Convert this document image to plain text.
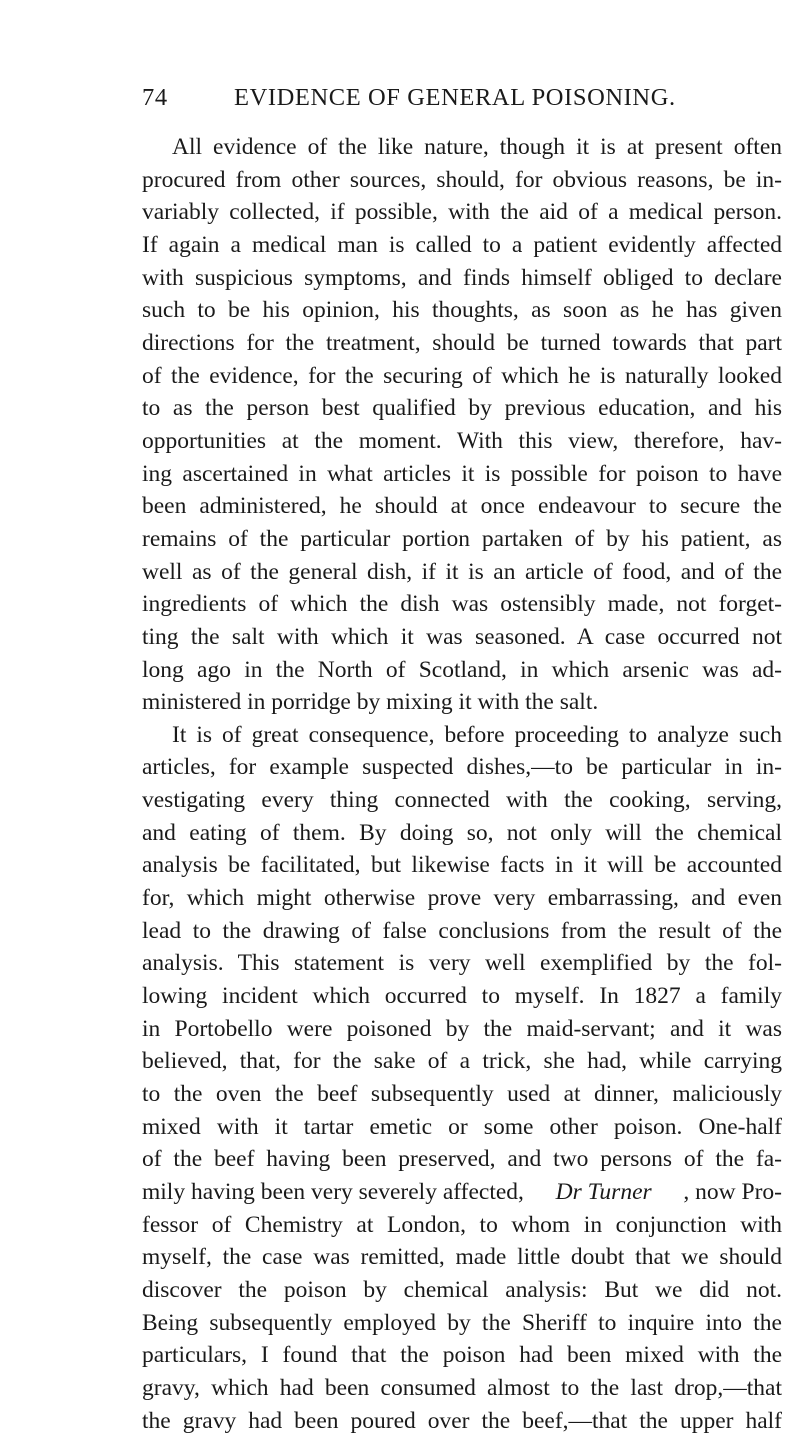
74	EVIDENCE OF GENERAL POISONING.
All evidence of the like nature, though it is at present often
procured from other sources, should, for obvious reasons, be in-
variably collected, if possible, with the aid of a medical person.
If again a medical man is called to a patient evidently affected
with suspicious symptoms, and finds himself obliged to declare
such to be his opinion, his thoughts, as soon as he has given
directions for the treatment, should be turned towards that part
of the evidence, for the securing of which he is naturally looked
to as the person best qualified by previous education, and his
opportunities at the moment. With this view, therefore, hav-
ing ascertained in what articles it is possible for poison to have
been administered, he should at once endeavour to secure the
remains of the particular portion partaken of by his patient, as
well as of the general dish, if it is an article of food, and of the
ingredients of which the dish was ostensibly made, not forget-
ting the salt with which it was seasoned. A case occurred not
long ago in the North of Scotland, in which arsenic was ad-
ministered in porridge by mixing it with the salt.
It is of great consequence, before proceeding to analyze such
articles, for example suspected dishes,—to be particular in in-
vestigating every thing connected with the cooking, serving,
and eating of them. By doing so, not only will the chemical
analysis be facilitated, but likewise facts in it will be accounted
for, which might otherwise prove very embarrassing, and even
lead to the drawing of false conclusions from the result of the
analysis. This statement is very well exemplified by the fol-
lowing incident which occurred to myself. In 1827 a family
in Portobello were poisoned by the maid-servant; and it was
believed, that, for the sake of a trick, she had, while carrying
to the oven the beef subsequently used at dinner, maliciously
mixed with it tartar emetic or some other poison. One-half
of the beef having been preserved, and two persons of the fa-
mily having been very severely affected, Dr Turner , now Pro-
fessor of Chemistry at London, to whom in conjunction with
myself, the case was remitted, made little doubt that we should
discover the poison by chemical analysis: But we did not.
Being subsequently employed by the Sheriff to inquire into the
particulars, I found that the poison had been mixed with the
gravy, which had been consumed almost to the last drop,—that
the gravy had been poured over the beef,—that the upper half
